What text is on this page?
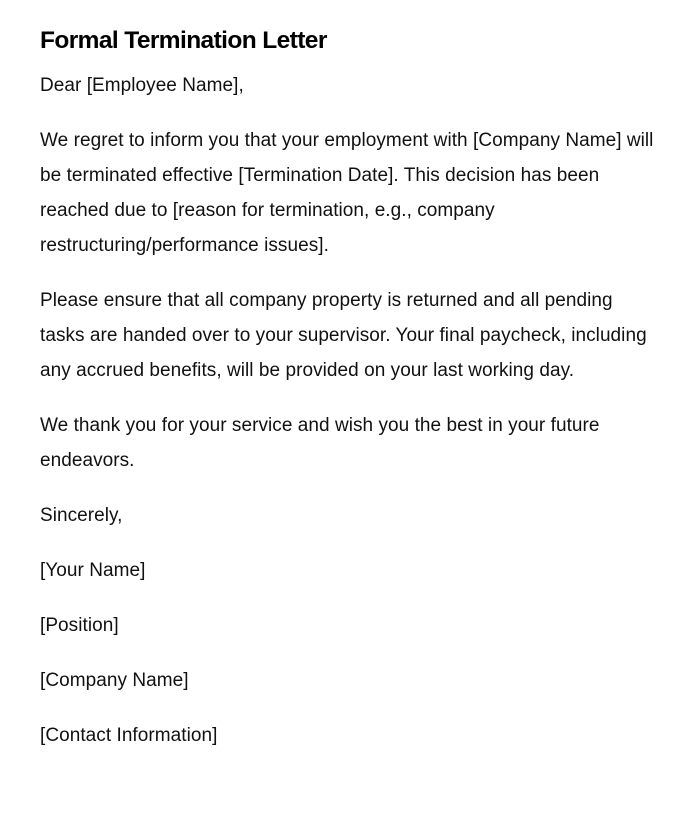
Formal Termination Letter

Dear [Employee Name],

We regret to inform you that your employment with [Company Name] will be terminated effective [Termination Date]. This decision has been reached due to [reason for termination, e.g., company restructuring/performance issues].

Please ensure that all company property is returned and all pending tasks are handed over to your supervisor. Your final paycheck, including any accrued benefits, will be provided on your last working day.

We thank you for your service and wish you the best in your future endeavors.

Sincerely,

[Your Name]

[Position]

[Company Name]

[Contact Information]
